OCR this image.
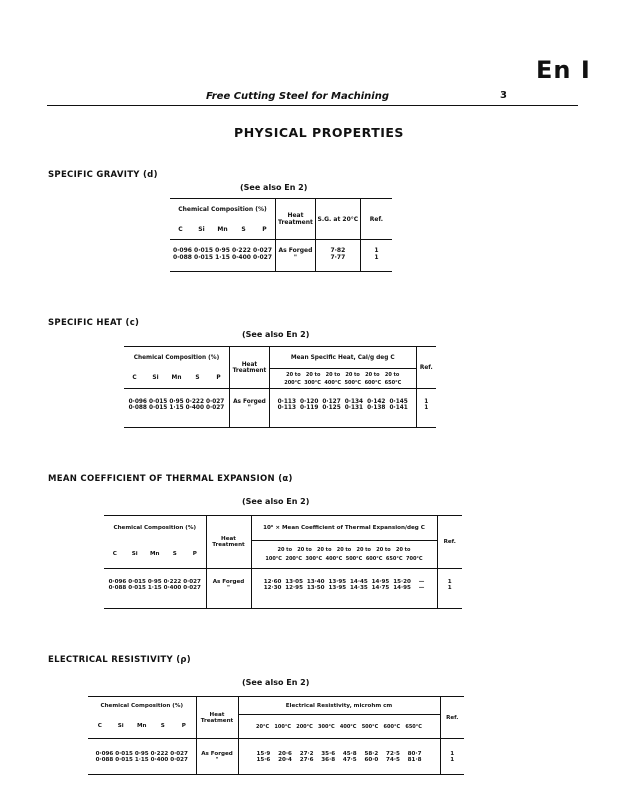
En I
Free Cutting Steel for Machining	3
PHYSICAL PROPERTIES
SPECIFIC GRAVITY (d)
(See also En 2)
Chemical Composition (%)	Heat
Treatment	S.G. at 20°C	Ref.
C Si Mn S P			
0·096 0·015 0·95 0·222 0·027	As Forged	7·82	1
0·088 0·015 1·15 0·400 0·027	"	7·77	1

SPECIFIC HEAT (c)
(See also En 2)
Chemical Composition (%)	Heat
Treatment	Mean Specific Heat, Cal/g deg C	Ref.
C Si Mn S P		20 to   20 to   20 to   20 to   20 to   20 to
200°C  300°C  400°C  500°C  600°C  650°C	
0·096 0·015 0·95 0·222 0·027	As Forged	0·113  0·120  0·127  0·134  0·142  0·145	1
0·088 0·015 1·15 0·400 0·027	"	0·113  0·119  0·125  0·131  0·138  0·141	1

MEAN COEFFICIENT OF THERMAL EXPANSION (α)
(See also En 2)
Chemical Composition (%)	Heat
Treatment	10⁶ × Mean Coefficient of Thermal Expansion/deg C	Ref.
C Si Mn S P		20 to   20 to   20 to   20 to   20 to   20 to   20 to
100°C  200°C  300°C  400°C  500°C  600°C  650°C  700°C	
0·096 0·015 0·95 0·222 0·027	As Forged	12·60  13·05  13·40  13·95  14·45  14·95  15·20    —	1
0·088 0·015 1·15 0·400 0·027	"	12·30  12·95  13·50  13·95  14·35  14·75  14·95    —	1

ELECTRICAL RESISTIVITY (ρ)
(See also En 2)
Chemical Composition (%)	Heat
Treatment	Electrical Resistivity, microhm cm	Ref.
C Si Mn S P		20°C   100°C   200°C   300°C   400°C   500°C   600°C   650°C	
0·096 0·015 0·95 0·222 0·027	As Forged	15·9    20·6    27·2    35·6    45·8    58·2    72·5    80·7	1
0·088 0·015 1·15 0·400 0·027	"	15·6    20·4    27·6    36·8    47·5    60·0    74·5    81·8	1
